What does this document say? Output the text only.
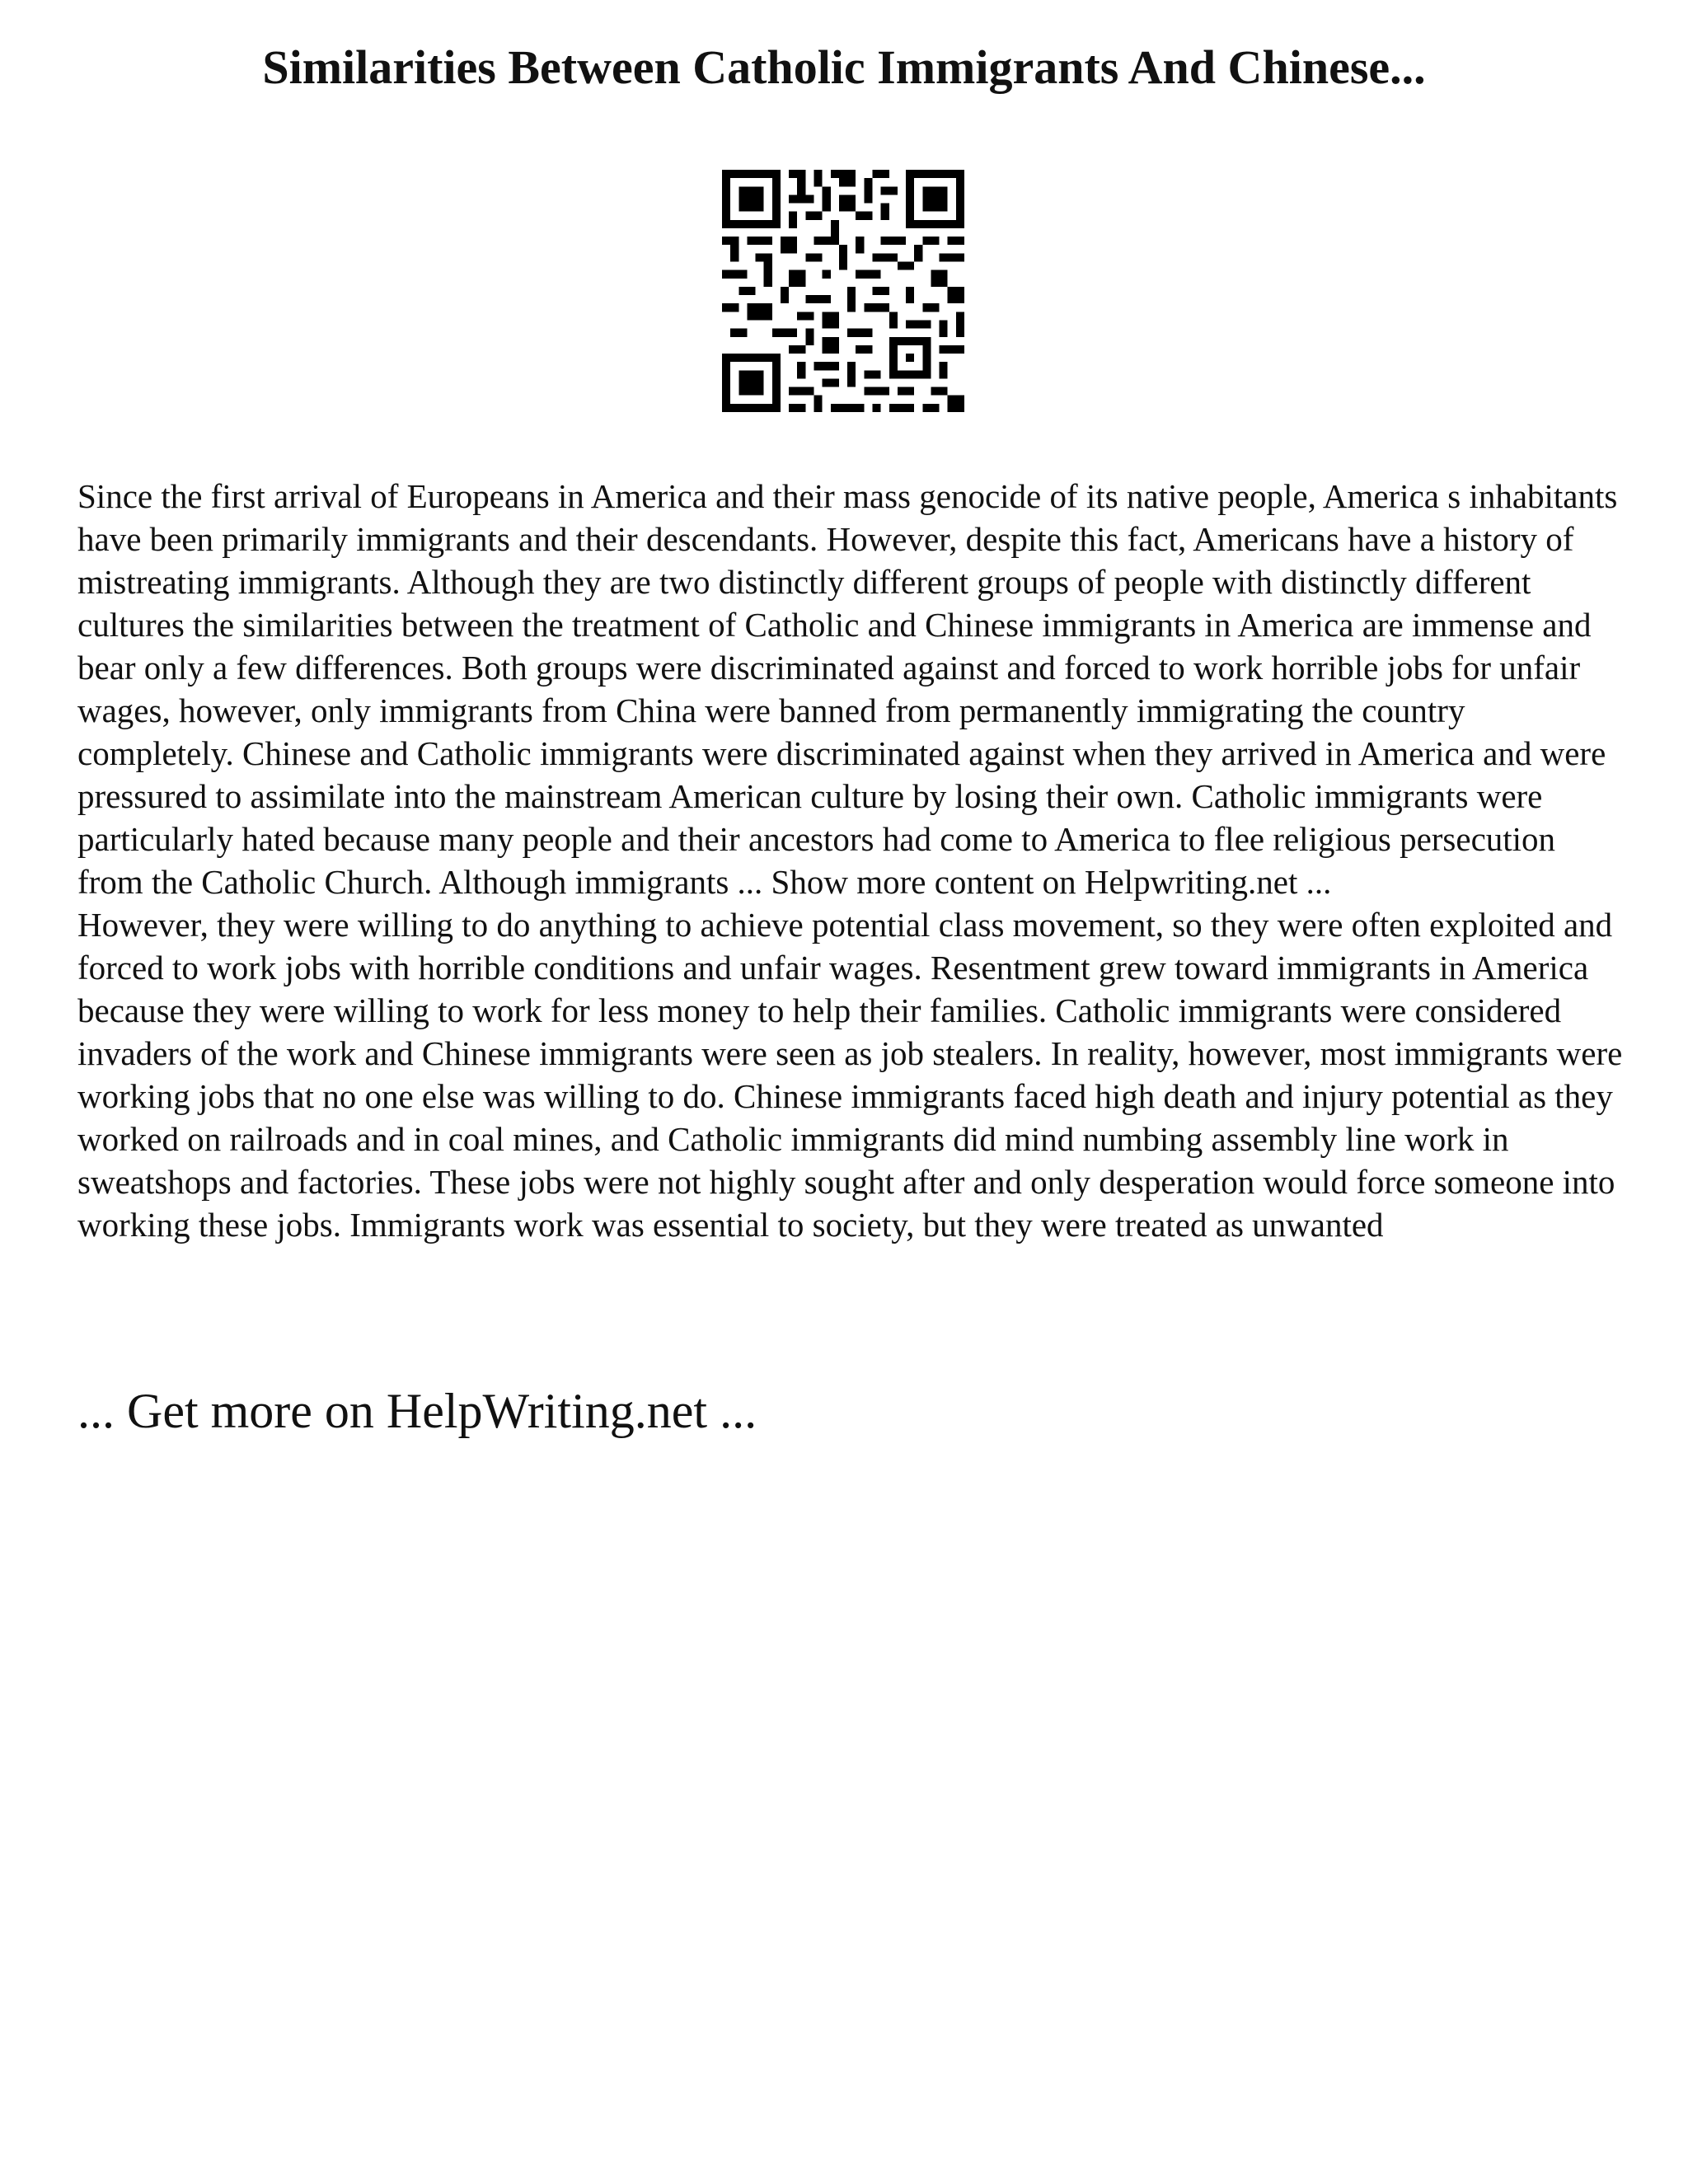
Similarities Between Catholic Immigrants And Chinese...

Since the first arrival of Europeans in America and their mass genocide of its native people, America s inhabitants have been primarily immigrants and their descendants. However, despite this fact, Americans have a history of mistreating immigrants. Although they are two distinctly different groups of people with distinctly different cultures the similarities between the treatment of Catholic and Chinese immigrants in America are immense and bear only a few differences. Both groups were discriminated against and forced to work horrible jobs for unfair wages, however, only immigrants from China were banned from permanently immigrating the country completely. Chinese and Catholic immigrants were discriminated against when they arrived in America and were pressured to assimilate into the mainstream American culture by losing their own. Catholic immigrants were particularly hated because many people and their ancestors had come to America to flee religious persecution from the Catholic Church. Although immigrants ... Show more content on Helpwriting.net ...

However, they were willing to do anything to achieve potential class movement, so they were often exploited and forced to work jobs with horrible conditions and unfair wages. Resentment grew toward immigrants in America because they were willing to work for less money to help their families. Catholic immigrants were considered invaders of the work and Chinese immigrants were seen as job stealers. In reality, however, most immigrants were working jobs that no one else was willing to do. Chinese immigrants faced high death and injury potential as they worked on railroads and in coal mines, and Catholic immigrants did mind numbing assembly line work in sweatshops and factories. These jobs were not highly sought after and only desperation would force someone into working these jobs. Immigrants work was essential to society, but they were treated as unwanted

... Get more on HelpWriting.net ...
